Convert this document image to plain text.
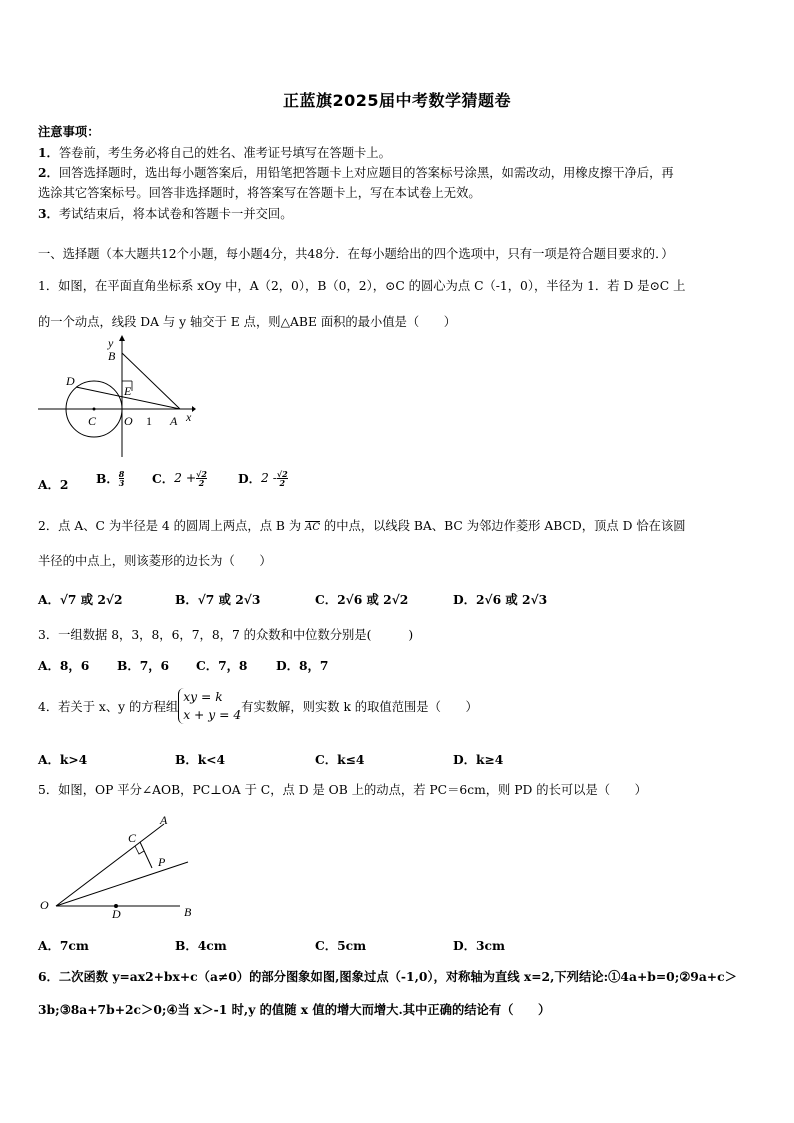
正蓝旗2025届中考数学猜题卷
注意事项：
1．答卷前，考生务必将自己的姓名、准考证号填写在答题卡上。
2．回答选择题时，选出每小题答案后，用铅笔把答题卡上对应题目的答案标号涂黑，如需改动，用橡皮擦干净后，再
选涂其它答案标号。回答非选择题时，将答案写在答题卡上，写在本试卷上无效。
3．考试结束后，将本试卷和答题卡一并交回。
一、选择题（本大题共12个小题，每小题4分，共48分．在每小题给出的四个选项中，只有一项是符合题目要求的．）
1．如图，在平面直角坐标系 xOy 中，A（2，0），B（0，2），⊙C 的圆心为点 C（-1，0），半径为 1．若 D 是⊙C 上
的一个动点，线段 DA 与 y 轴交于 E 点，则△ABE 面积的最小值是（　　）
y
B
D
E
C O 1 A x
A．2 B． $\frac{8}{3}$ C．$2 + \frac{√2}{2}$	D．$2 - \frac{√2}{2}$
2．点 A、C 为半径是 4 的圆周上两点，点 B 为 $\overline{AC}$ 的中点，以线段 BA、BC 为邻边作菱形 ABCD，顶点 D 恰在该圆
半径的中点上，则该菱形的边长为（　　）
A．√7 或 2√2	B．√7 或 2√3	C．2√6 或 2√2	D．2√6 或 2√3
3．一组数据 8，3，8，6，7，8，7 的众数和中位数分别是(　　　)
A．8，6 B．7，6 C．7，8 D．8，7
4．若关于 x、y 的方程组xy = k
x + y = 4有实数解，则实数 k 的取值范围是（　　）
A．k>4	B．k<4	C．k≤4	D．k≥4
5．如图，OP 平分∠AOB，PC⊥OA 于 C，点 D 是 OB 上的动点，若 PC＝6cm，则 PD 的长可以是（　　）
A
C
P
O
D	B
A．7cm	B．4cm	C．5cm	D．3cm
6．二次函数 y=ax2+bx+c（a≠0）的部分图象如图,图象过点（-1,0），对称轴为直线 x=2,下列结论:①4a+b=0;②9a+c＞
3b;③8a+7b+2c＞0;④当 x＞-1 时,y 的值随 x 值的增大而增大.其中正确的结论有（　　）
